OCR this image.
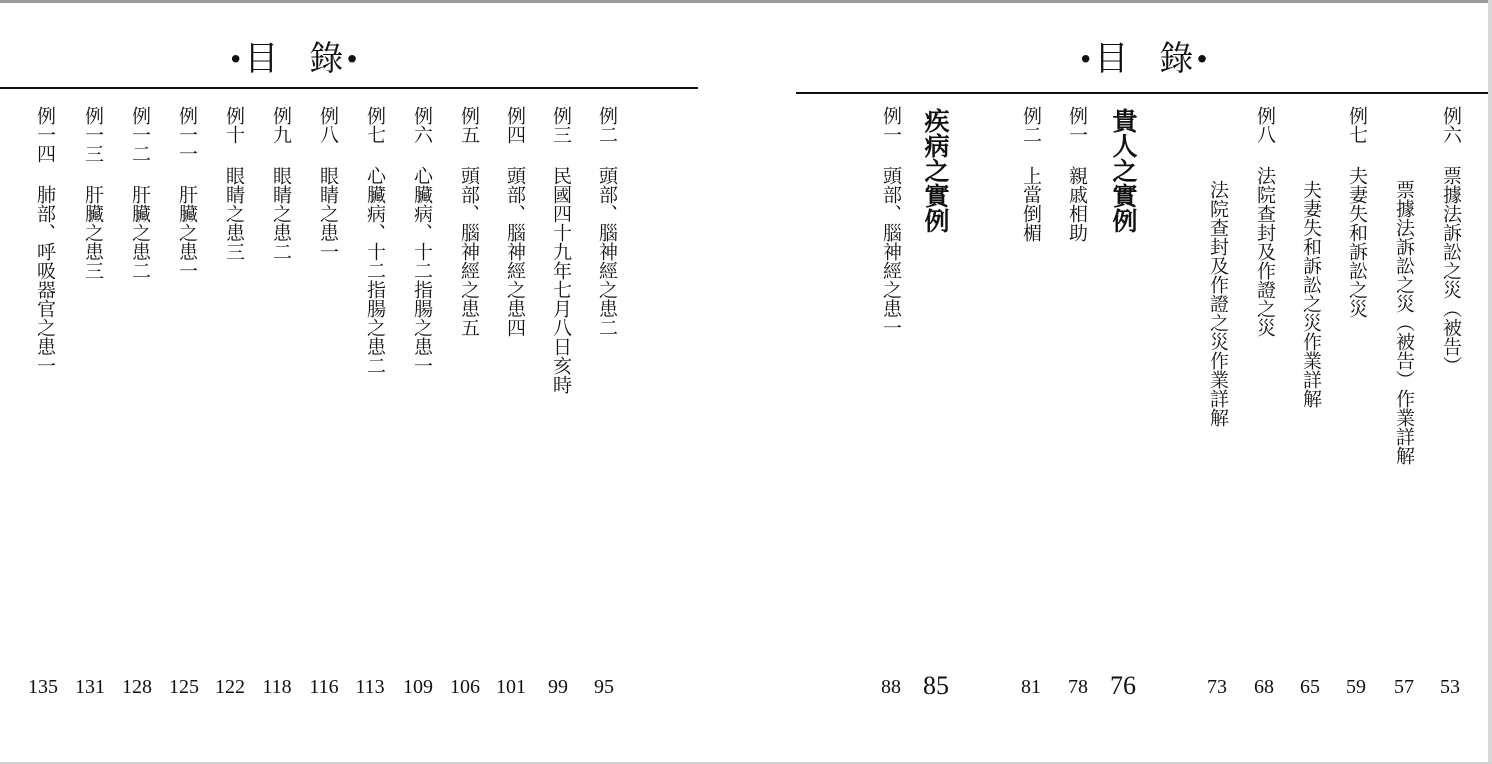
•目 錄•
例二頭部、腦神經之患二
例三民國四十九年七月八日亥時
例四頭部、腦神經之患四
例五頭部、腦神經之患五
例六心臟病、十二指腸之患一
例七心臟病、十二指腸之患二
例八眼睛之患一
例九眼睛之患二
例十眼睛之患三
例一一肝臟之患一
例一二肝臟之患二
例一三肝臟之患三
例一四肺部、呼吸器官之患一
95
99
101
106
109
113
116
118
122
125
128
131
135
•目 錄•
例六票據法訴訟之災（被告）
票據法訴訟之災（被告）作業詳解
例七夫妻失和訴訟之災
夫妻失和訴訟之災作業詳解
例八法院查封及作證之災
法院查封及作證之災作業詳解
貴人之實例
例一親戚相助
例二上當倒楣
疾病之實例
例一頭部、腦神經之患一
53
57
59
65
68
73
76
78
81
85
88
